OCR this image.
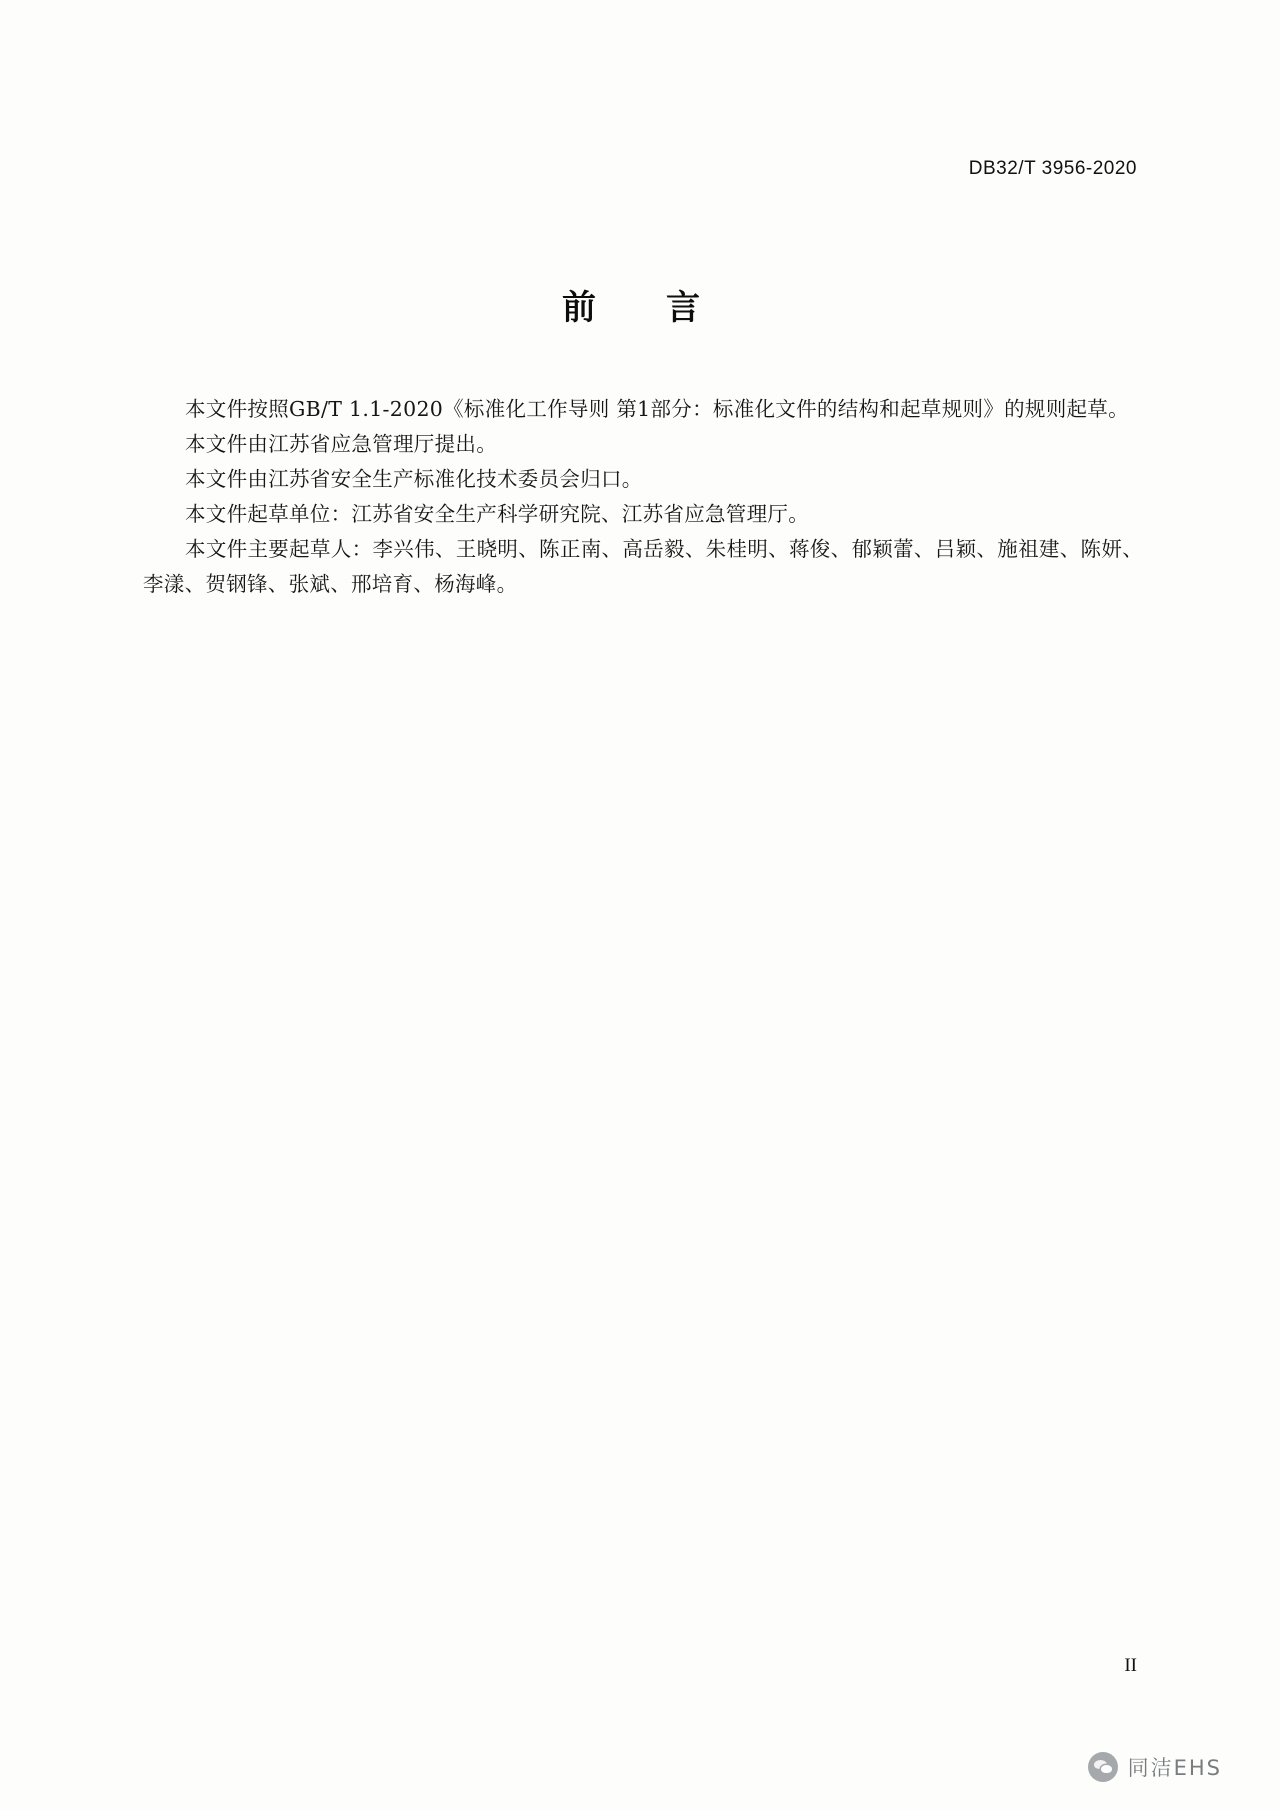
DB32/T 3956-2020
前　言

本文件按照GB/T 1.1-2020《标准化工作导则 第1部分：标准化文件的结构和起草规则》的规则起草。

本文件由江苏省应急管理厅提出。

本文件由江苏省安全生产标准化技术委员会归口。

本文件起草单位：江苏省安全生产科学研究院、江苏省应急管理厅。

本文件主要起草人：李兴伟、王晓明、陈正南、高岳毅、朱桂明、蒋俊、郁颖蕾、吕颖、施祖建、陈妍、李漾、贺钢锋、张斌、邢培育、杨海峰。

II
同洁EHS
